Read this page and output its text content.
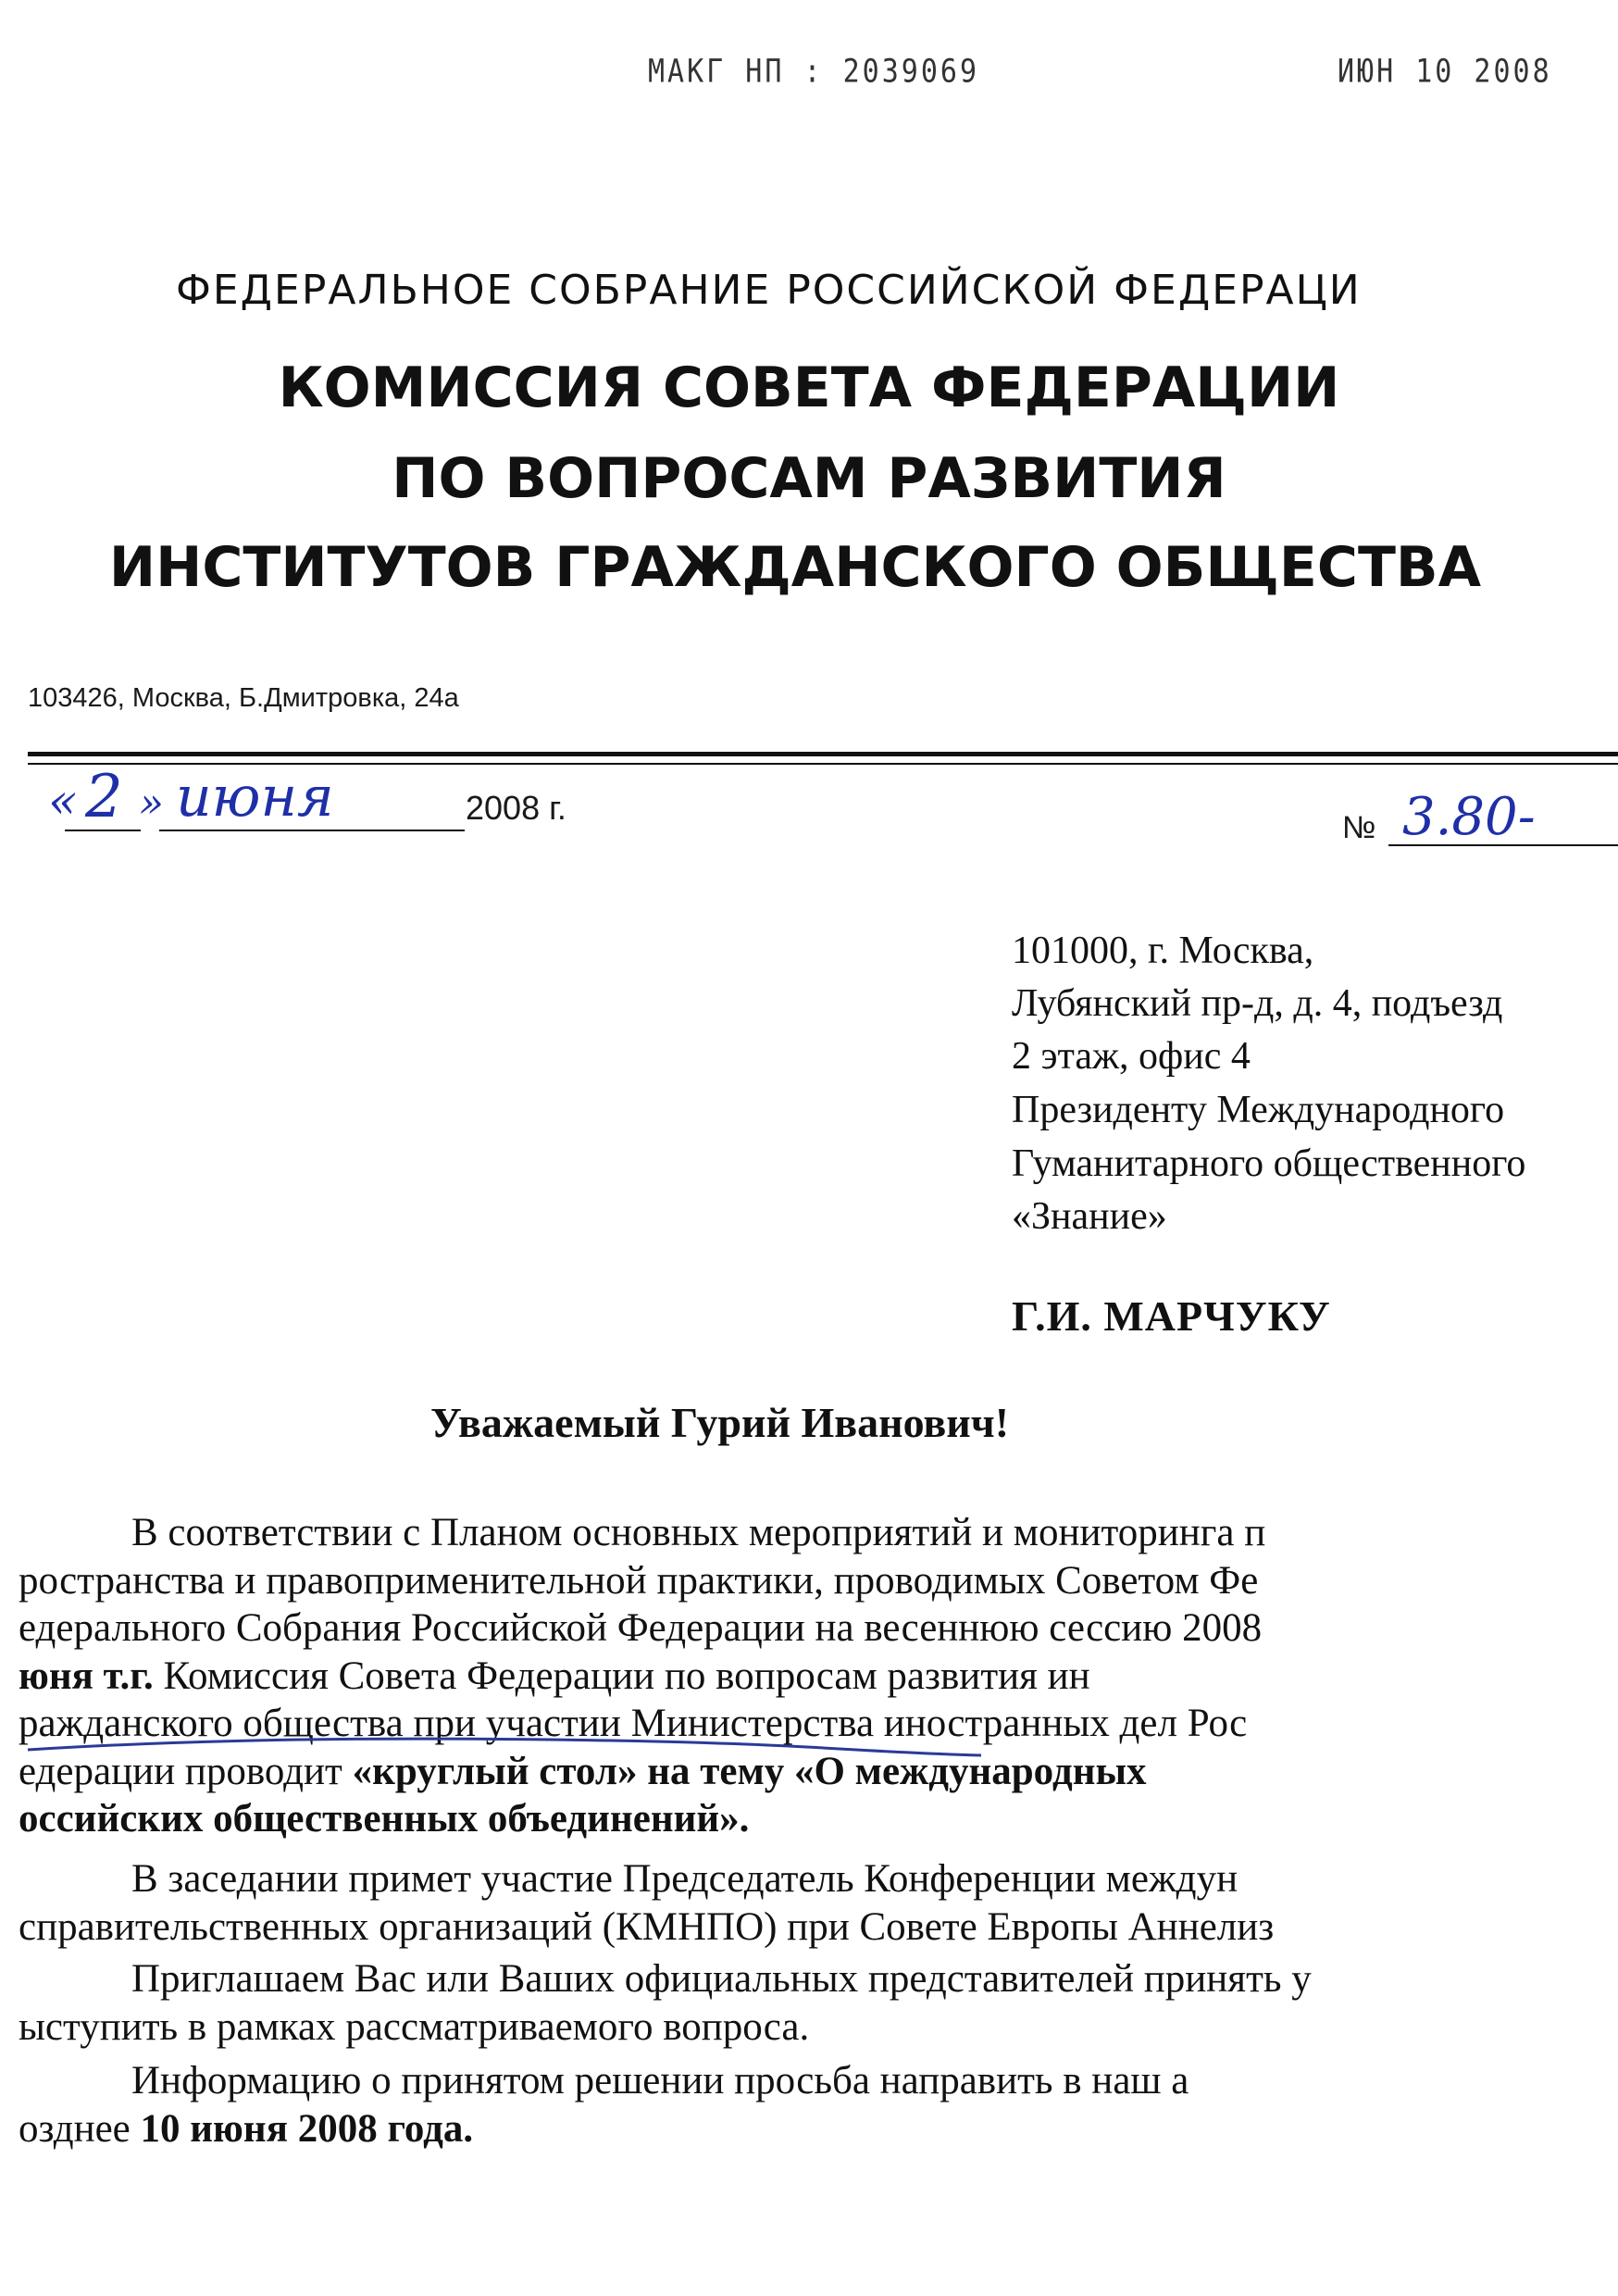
МАКГ НП : 2039069	ИЮН 10 2008
ФЕДЕРАЛЬНОЕ СОБРАНИЕ РОССИЙСКОЙ ФЕДЕРАЦИ
КОМИССИЯ СОВЕТА ФЕДЕРАЦИИ
ПО ВОПРОСАМ РАЗВИТИЯ
ИНСТИТУТОВ ГРАЖДАНСКОГО ОБЩЕСТВА
103426, Москва, Б.Дмитровка, 24а
« 2 » июня	2008 г.
№ 3.80-
101000, г. Москва,
Лубянский пр-д, д. 4, подъезд
2 этаж, офис 4
Президенту Международного
Гуманитарного общественного
«Знание»
Г.И. МАРЧУКУ
Уважаемый Гурий Иванович!
В соответствии с Планом основных мероприятий и мониторинга п
ространства и правоприменительной практики, проводимых Советом Фе
едерального Собрания Российской Федерации на весеннюю сессию 2008
юня т.г. Комиссия Совета Федерации по вопросам развития ин
ражданского общества при участии Министерства иностранных дел Рос
едерации проводит «круглый стол» на тему «О международных
оссийских общественных объединений».
В заседании примет участие Председатель Конференции междун
справительственных организаций (КМНПО) при Совете Европы Аннелиз
Приглашаем Вас или Ваших официальных представителей принять у
ыступить в рамках рассматриваемого вопроса.
Информацию о принятом решении просьба направить в наш а
озднее 10 июня 2008 года.
